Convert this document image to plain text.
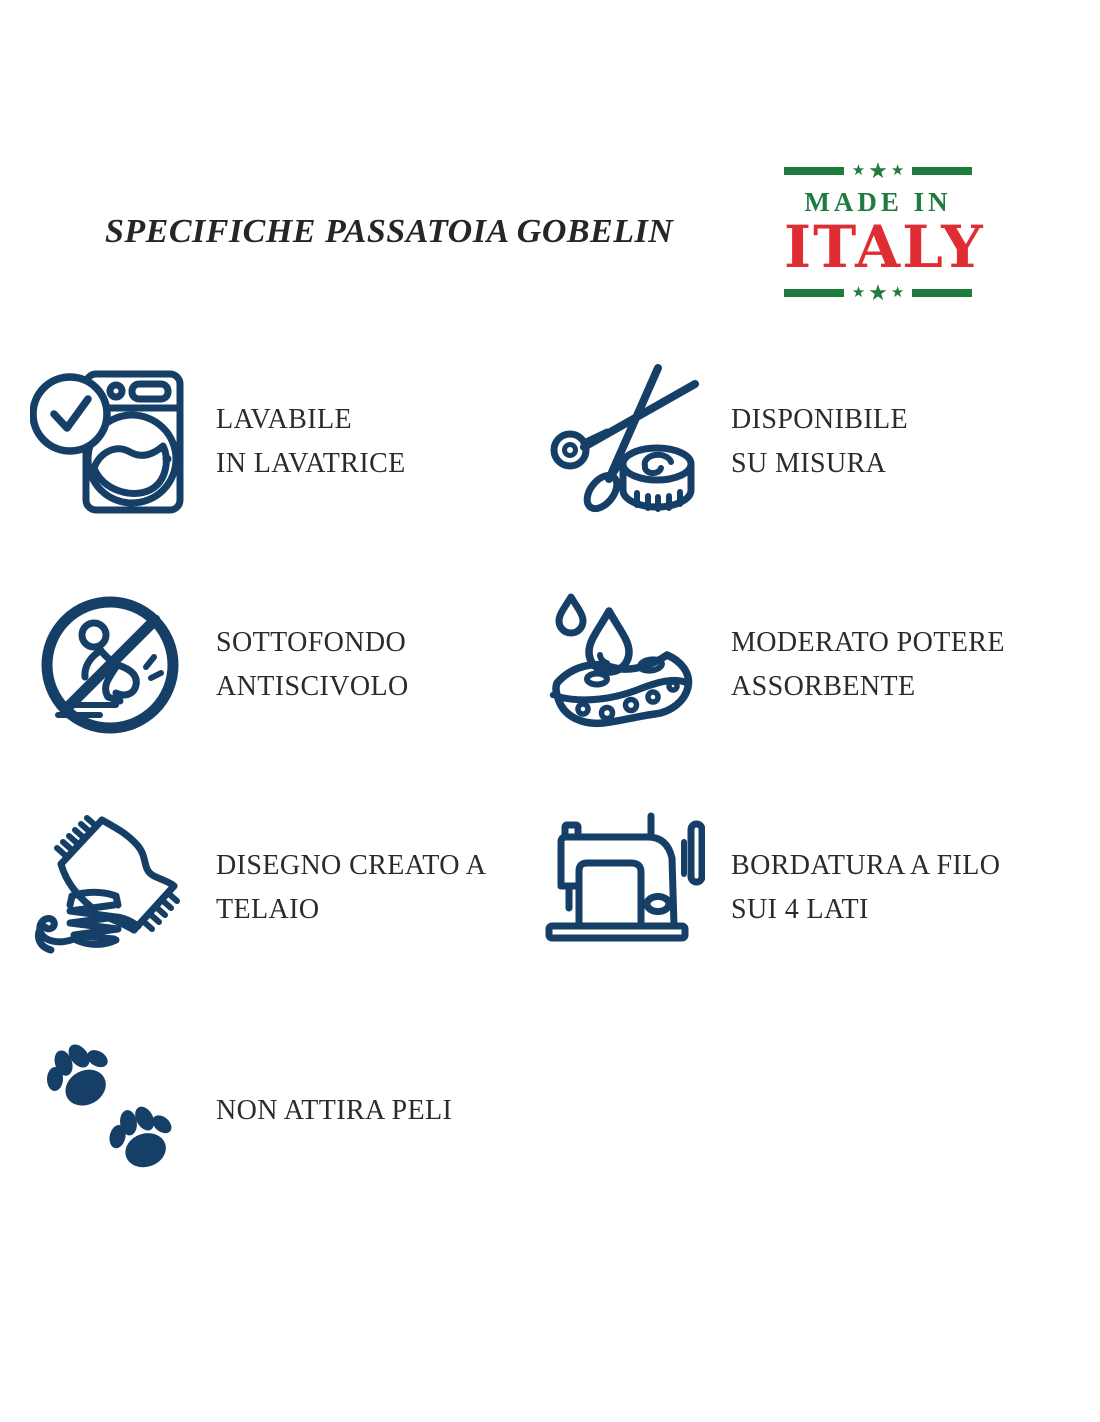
SPECIFICHE PASSATOIA GOBELIN
★ ★ ★
MADE IN
ITALY
★ ★ ★
LAVABILE
IN LAVATRICE
DISPONIBILE
SU MISURA
SOTTOFONDO
ANTISCIVOLO
MODERATO POTERE
ASSORBENTE
DISEGNO CREATO A
TELAIO
BORDATURA A FILO
SUI 4 LATI
NON ATTIRA PELI
